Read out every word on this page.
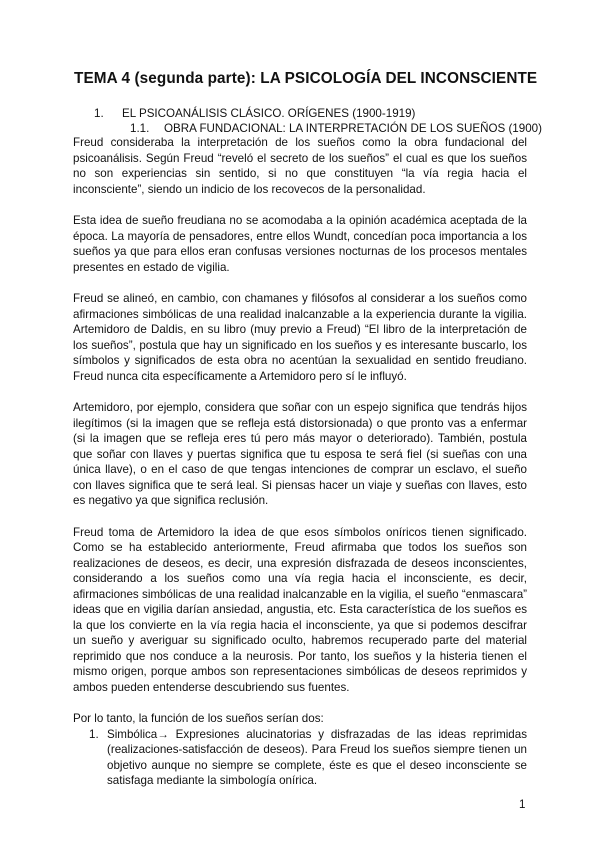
TEMA 4 (segunda parte): LA PSICOLOGÍA DEL INCONSCIENTE
1. EL PSICOANÁLISIS CLÁSICO. ORÍGENES (1900-1919)
1.1. OBRA FUNDACIONAL: LA INTERPRETACIÓN DE LOS SUEÑOS (1900)

Freud consideraba la interpretación de los sueños como la obra fundacional del psicoanálisis. Según Freud “reveló el secreto de los sueños” el cual es que los sueños no son experiencias sin sentido, si no que constituyen “la vía regia hacia el inconsciente”, siendo un indicio de los recovecos de la personalidad.

Esta idea de sueño freudiana no se acomodaba a la opinión académica aceptada de la época. La mayoría de pensadores, entre ellos Wundt, concedían poca importancia a los sueños ya que para ellos eran confusas versiones nocturnas de los procesos mentales presentes en estado de vigilia.

Freud se alineó, en cambio, con chamanes y filósofos al considerar a los sueños como afirmaciones simbólicas de una realidad inalcanzable a la experiencia durante la vigilia. Artemidoro de Daldis, en su libro (muy previo a Freud) “El libro de la interpretación de los sueños”, postula que hay un significado en los sueños y es interesante buscarlo, los símbolos y significados de esta obra no acentúan la sexualidad en sentido freudiano. Freud nunca cita específicamente a Artemidoro pero sí le influyó.

Artemidoro, por ejemplo, considera que soñar con un espejo significa que tendrás hijos ilegítimos (si la imagen que se refleja está distorsionada) o que pronto vas a enfermar (si la imagen que se refleja eres tú pero más mayor o deteriorado). También, postula que soñar con llaves y puertas significa que tu esposa te será fiel (si sueñas con una única llave), o en el caso de que tengas intenciones de comprar un esclavo, el sueño con llaves significa que te será leal. Si piensas hacer un viaje y sueñas con llaves, esto es negativo ya que significa reclusión.

Freud toma de Artemidoro la idea de que esos símbolos oníricos tienen significado. Como se ha establecido anteriormente, Freud afirmaba que todos los sueños son realizaciones de deseos, es decir, una expresión disfrazada de deseos inconscientes, considerando a los sueños como una vía regia hacia el inconsciente, es decir, afirmaciones simbólicas de una realidad inalcanzable en la vigilia, el sueño “enmascara” ideas que en vigilia darían ansiedad, angustia, etc. Esta característica de los sueños es la que los convierte en la vía regia hacia el inconsciente, ya que si podemos descifrar un sueño y averiguar su significado oculto, habremos recuperado parte del material reprimido que nos conduce a la neurosis. Por tanto, los sueños y la histeria tienen el mismo origen, porque ambos son representaciones simbólicas de deseos reprimidos y ambos pueden entenderse descubriendo sus fuentes.

Por lo tanto, la función de los sueños serían dos:

1. Simbólica→ Expresiones alucinatorias y disfrazadas de las ideas reprimidas (realizaciones-satisfacción de deseos). Para Freud los sueños siempre tienen un objetivo aunque no siempre se complete, éste es que el deseo inconsciente se satisfaga mediante la simbología onírica.
1
